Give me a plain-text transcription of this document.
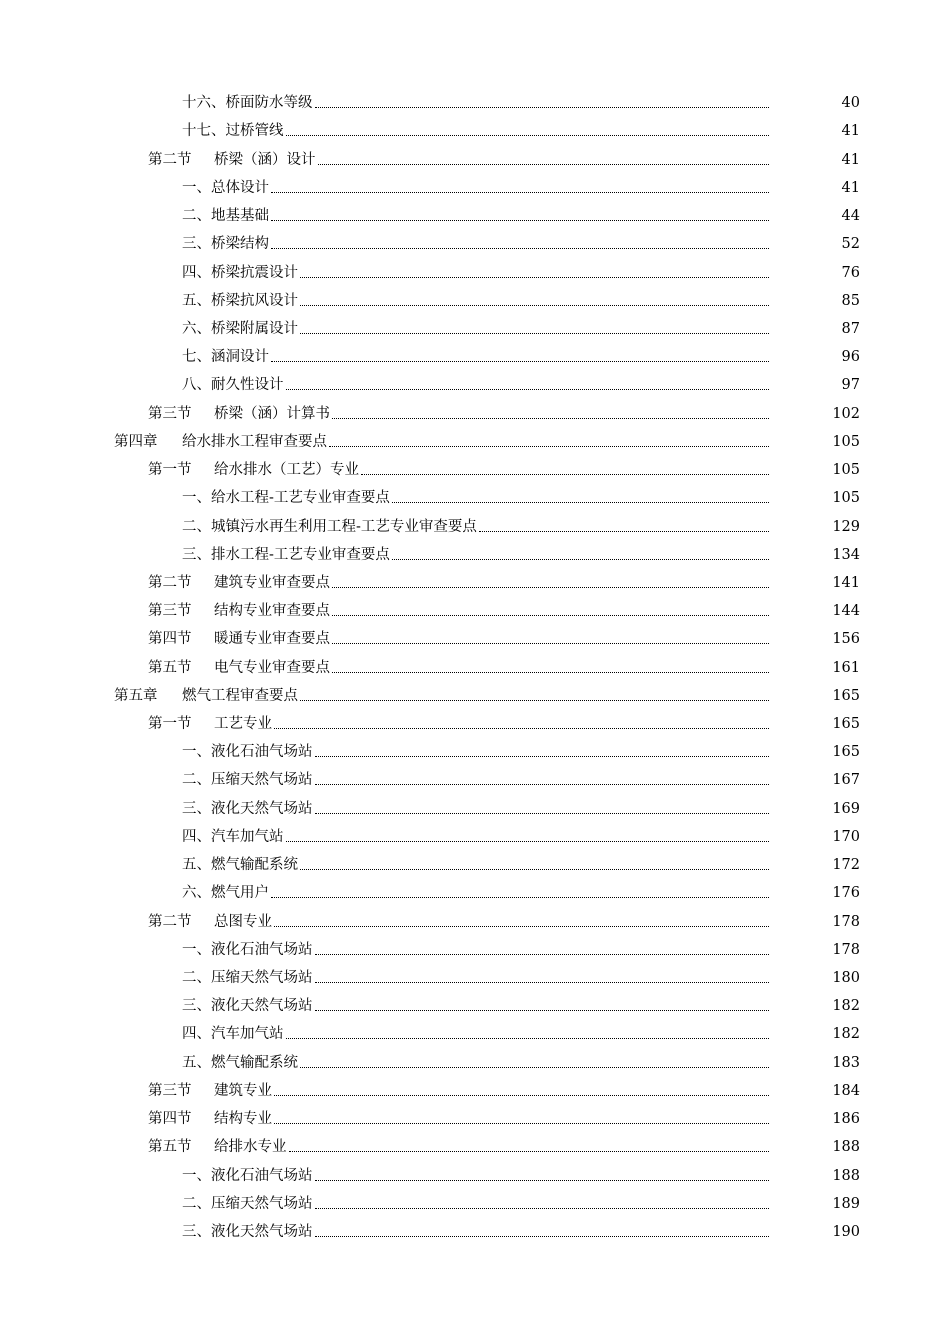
十六、桥面防水等级	40
十七、过桥管线	41
第二节 桥梁（涵）设计	41
一、总体设计	41
二、地基基础	44
三、桥梁结构	52
四、桥梁抗震设计	76
五、桥梁抗风设计	85
六、桥梁附属设计	87
七、涵洞设计	96
八、耐久性设计	97
第三节 桥梁（涵）计算书	102
第四章 给水排水工程审查要点	105
第一节 给水排水（工艺）专业	105
一、给水工程-工艺专业审查要点	105
二、城镇污水再生利用工程-工艺专业审查要点	129
三、排水工程-工艺专业审查要点	134
第二节 建筑专业审查要点	141
第三节 结构专业审查要点	144
第四节 暖通专业审查要点	156
第五节 电气专业审查要点	161
第五章 燃气工程审查要点	165
第一节 工艺专业	165
一、液化石油气场站	165
二、压缩天然气场站	167
三、液化天然气场站	169
四、汽车加气站	170
五、燃气输配系统	172
六、燃气用户	176
第二节 总图专业	178
一、液化石油气场站	178
二、压缩天然气场站	180
三、液化天然气场站	182
四、汽车加气站	182
五、燃气输配系统	183
第三节 建筑专业	184
第四节 结构专业	186
第五节 给排水专业	188
一、液化石油气场站	188
二、压缩天然气场站	189
三、液化天然气场站	190
